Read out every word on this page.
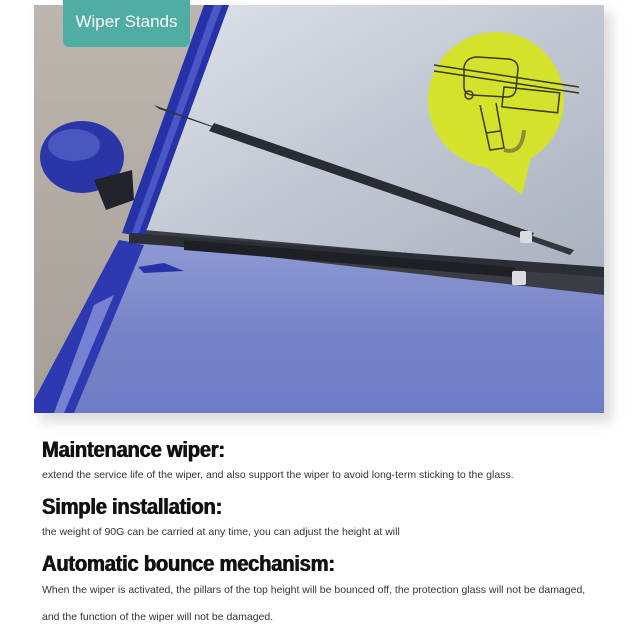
Wiper Stands
Maintenance wiper:

extend the service life of the wiper, and also support the wiper to avoid long-term sticking to the glass.

Simple installation:

the weight of 90G can be carried at any time, you can adjust the height at will

Automatic bounce mechanism:

When the wiper is activated, the pillars of the top height will be bounced off, the protection glass will not be damaged,

and the function of the wiper will not be damaged.
